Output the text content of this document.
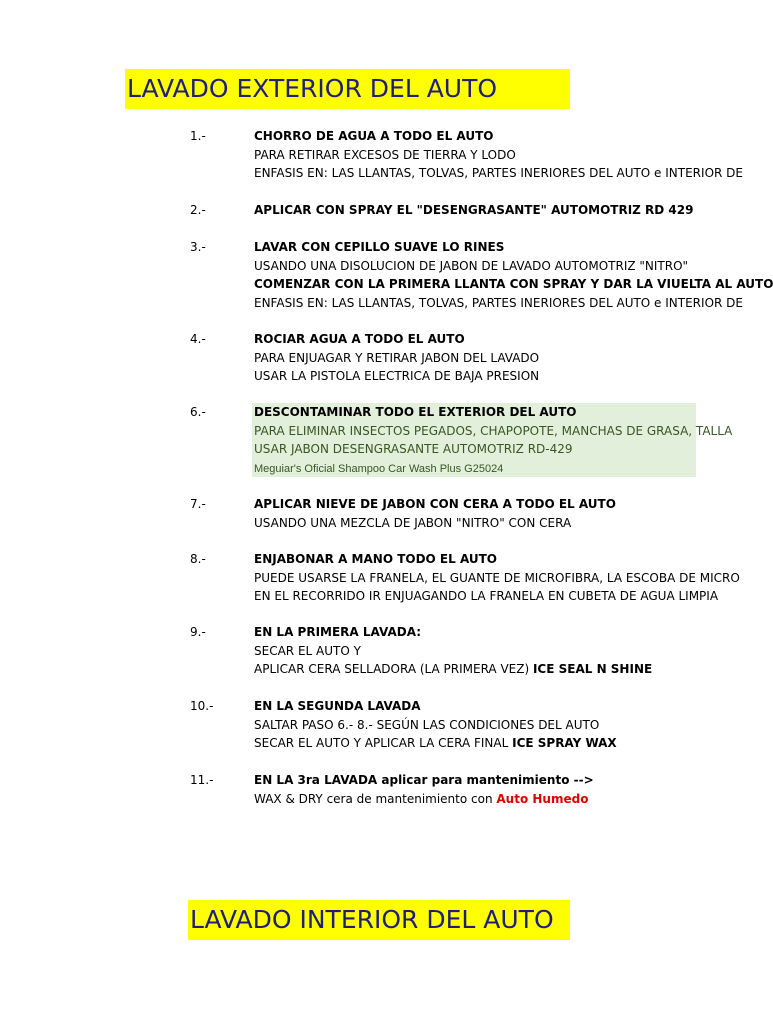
LAVADO EXTERIOR DEL AUTO
1.-	CHORRO DE AGUA A TODO EL AUTO
PARA RETIRAR EXCESOS DE TIERRA Y LODO
ENFASIS EN: LAS LLANTAS, TOLVAS, PARTES INERIORES DEL AUTO e INTERIOR DE
2.-	APLICAR CON SPRAY EL "DESENGRASANTE" AUTOMOTRIZ RD 429
3.-	LAVAR CON CEPILLO SUAVE LO RINES
USANDO UNA DISOLUCION DE JABON DE LAVADO AUTOMOTRIZ "NITRO"
COMENZAR CON LA PRIMERA LLANTA CON SPRAY Y DAR LA VIUELTA AL AUTO
ENFASIS EN: LAS LLANTAS, TOLVAS, PARTES INERIORES DEL AUTO e INTERIOR DE
4.-	ROCIAR AGUA A TODO EL AUTO
PARA ENJUAGAR Y RETIRAR JABON DEL LAVADO
USAR LA PISTOLA ELECTRICA DE BAJA PRESION
6.-	DESCONTAMINAR TODO EL EXTERIOR DEL AUTO
PARA ELIMINAR INSECTOS PEGADOS, CHAPOPOTE, MANCHAS DE GRASA, TALLA
USAR JABON DESENGRASANTE AUTOMOTRIZ RD-429
Meguiar's Oficial Shampoo Car Wash Plus G25024
7.-	APLICAR NIEVE DE JABON CON CERA A TODO EL AUTO
USANDO UNA MEZCLA DE JABON "NITRO" CON CERA
8.-	ENJABONAR A MANO TODO EL AUTO
PUEDE USARSE LA FRANELA, EL GUANTE DE MICROFIBRA, LA ESCOBA DE MICRO
EN EL RECORRIDO IR ENJUAGANDO LA FRANELA EN CUBETA DE AGUA LIMPIA
9.-	EN LA PRIMERA LAVADA:
SECAR EL AUTO Y
APLICAR CERA SELLADORA (LA PRIMERA VEZ) ICE SEAL N SHINE
10.-	EN LA SEGUNDA LAVADA
SALTAR PASO 6.- 8.- SEGÚN LAS CONDICIONES DEL AUTO
SECAR EL AUTO Y APLICAR LA CERA FINAL ICE SPRAY WAX
11.-	EN LA 3ra LAVADA aplicar para mantenimiento -->
WAX & DRY cera de mantenimiento con Auto Humedo
LAVADO INTERIOR DEL AUTO
